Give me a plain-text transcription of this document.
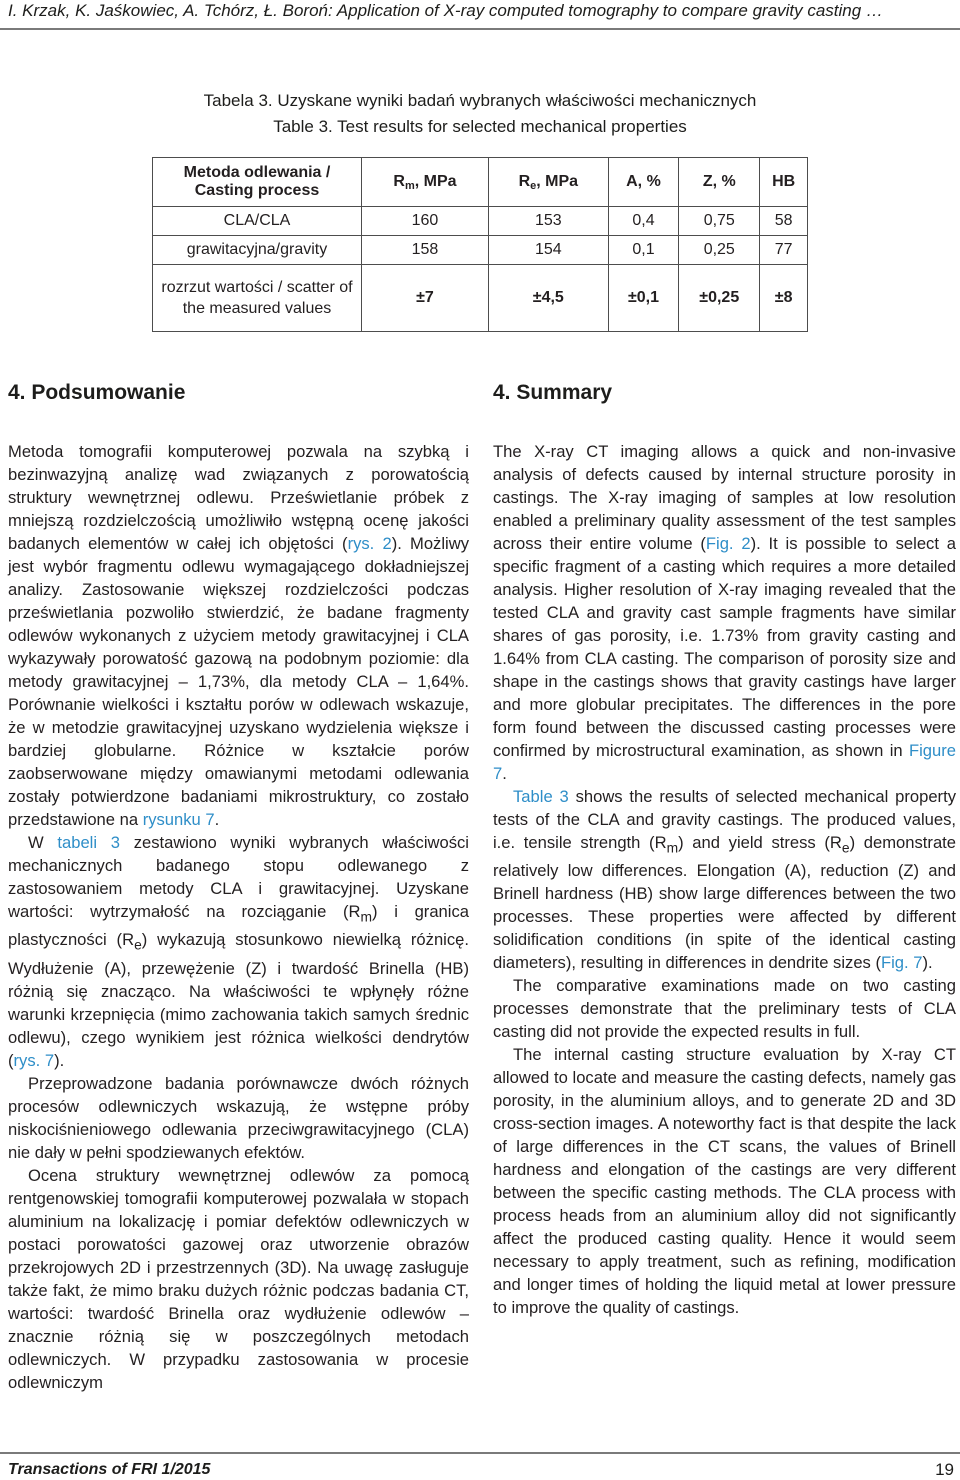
I. Krzak, K. Jaśkowiec, A. Tchórz, Ł. Boroń: Application of X-ray computed tomography to compare gravity casting …
Tabela 3. Uzyskane wyniki badań wybranych właściwości mechanicznych
Table 3. Test results for selected mechanical properties
Metoda odlewania / Casting process	$R_m$, MPa	$R_e$, MPa	A, %	Z, %	HB
CLA/CLA	160	153	0,4	0,75	58
grawitacyjna/gravity	158	154	0,1	0,25	77
rozrzut wartości / scatter of the measured values	±7	±4,5	±0,1	±0,25	±8
4. Podsumowanie	4. Summary

Metoda tomografii komputerowej pozwala na szybką i bezinwazyjną analizę wad związanych z porowatością struktury wewnętrznej odlewu. Prześwietlanie próbek z mniejszą rozdzielczością umożliwiło wstępną ocenę jakości badanych elementów w całej ich objętości (rys. 2). Możliwy jest wybór fragmentu odlewu wymagającego dokładniejszej analizy. Zastosowanie większej rozdzielczości podczas prześwietlania pozwoliło stwierdzić, że badane fragmenty odlewów wykonanych z użyciem metody grawitacyjnej i CLA wykazywały porowatość gazową na podobnym poziomie: dla metody grawitacyjnej – 1,73%, dla metody CLA – 1,64%. Porównanie wielkości i kształtu porów w odlewach wskazuje, że w metodzie grawitacyjnej uzyskano wydzielenia większe i bardziej globularne. Różnice w kształcie porów zaobserwowane między omawianymi metodami odlewania zostały potwierdzone badaniami mikrostruktury, co zostało przedstawione na rysunku 7.

W tabeli 3 zestawiono wyniki wybranych właściwości mechanicznych badanego stopu odlewanego z zastosowaniem metody CLA i grawitacyjnej. Uzyskane wartości: wytrzymałość na rozciąganie $(R_m)$ i granica plastyczności $(R_e)$ wykazują stosunkowo niewielką różnicę. Wydłużenie (A), przewężenie (Z) i twardość Brinella (HB) różnią się znacząco. Na właściwości te wpłynęły różne warunki krzepnięcia (mimo zachowania takich samych średnic odlewu), czego wynikiem jest różnica wielkości dendrytów (rys. 7).

Przeprowadzone badania porównawcze dwóch różnych procesów odlewniczych wskazują, że wstępne próby niskociśnieniowego odlewania przeciwgrawitacyjnego (CLA) nie dały w pełni spodziewanych efektów.

Ocena struktury wewnętrznej odlewów za pomocą rentgenowskiej tomografii komputerowej pozwalała w stopach aluminium na lokalizację i pomiar defektów odlewniczych w postaci porowatości gazowej oraz utworzenie obrazów przekrojowych 2D i przestrzennych (3D). Na uwagę zasługuje także fakt, że mimo braku dużych różnic podczas badania CT, wartości: twardość Brinella oraz wydłużenie odlewów – znacznie różnią się w poszczególnych metodach odlewniczych. W przypadku zastosowania w procesie odlewniczym

The X-ray CT imaging allows a quick and non-invasive analysis of defects caused by internal structure porosity in castings. The X-ray imaging of samples at low resolution enabled a preliminary quality assessment of the test samples across their entire volume (Fig. 2). It is possible to select a specific fragment of a casting which requires a more detailed analysis. Higher resolution of X-ray imaging revealed that the tested CLA and gravity cast sample fragments have similar shares of gas porosity, i.e. 1.73% from gravity casting and 1.64% from CLA casting. The comparison of porosity size and shape in the castings shows that gravity castings have larger and more globular precipitates. The differences in the pore form found between the discussed casting processes were confirmed by microstructural examination, as shown in Figure 7.

Table 3 shows the results of selected mechanical property tests of the CLA and gravity castings. The produced values, i.e. tensile strength $(R_m)$ and yield stress $(R_e)$ demonstrate relatively low differences. Elongation (A), reduction (Z) and Brinell hardness (HB) show large differences between the two processes. These properties were affected by different solidification conditions (in spite of the identical casting diameters), resulting in differences in dendrite sizes (Fig. 7).

The comparative examinations made on two casting processes demonstrate that the preliminary tests of CLA casting did not provide the expected results in full.

The internal casting structure evaluation by X-ray CT allowed to locate and measure the casting defects, namely gas porosity, in the aluminium alloys, and to generate 2D and 3D cross-section images. A noteworthy fact is that despite the lack of large differences in the CT scans, the values of Brinell hardness and elongation of the castings are very different between the specific casting methods. The CLA process with process heads from an aluminium alloy did not significantly affect the produced casting quality. Hence it would seem necessary to apply treatment, such as refining, modification and longer times of holding the liquid metal at lower pressure to improve the quality of castings.

Transactions of FRI 1/2015	19
